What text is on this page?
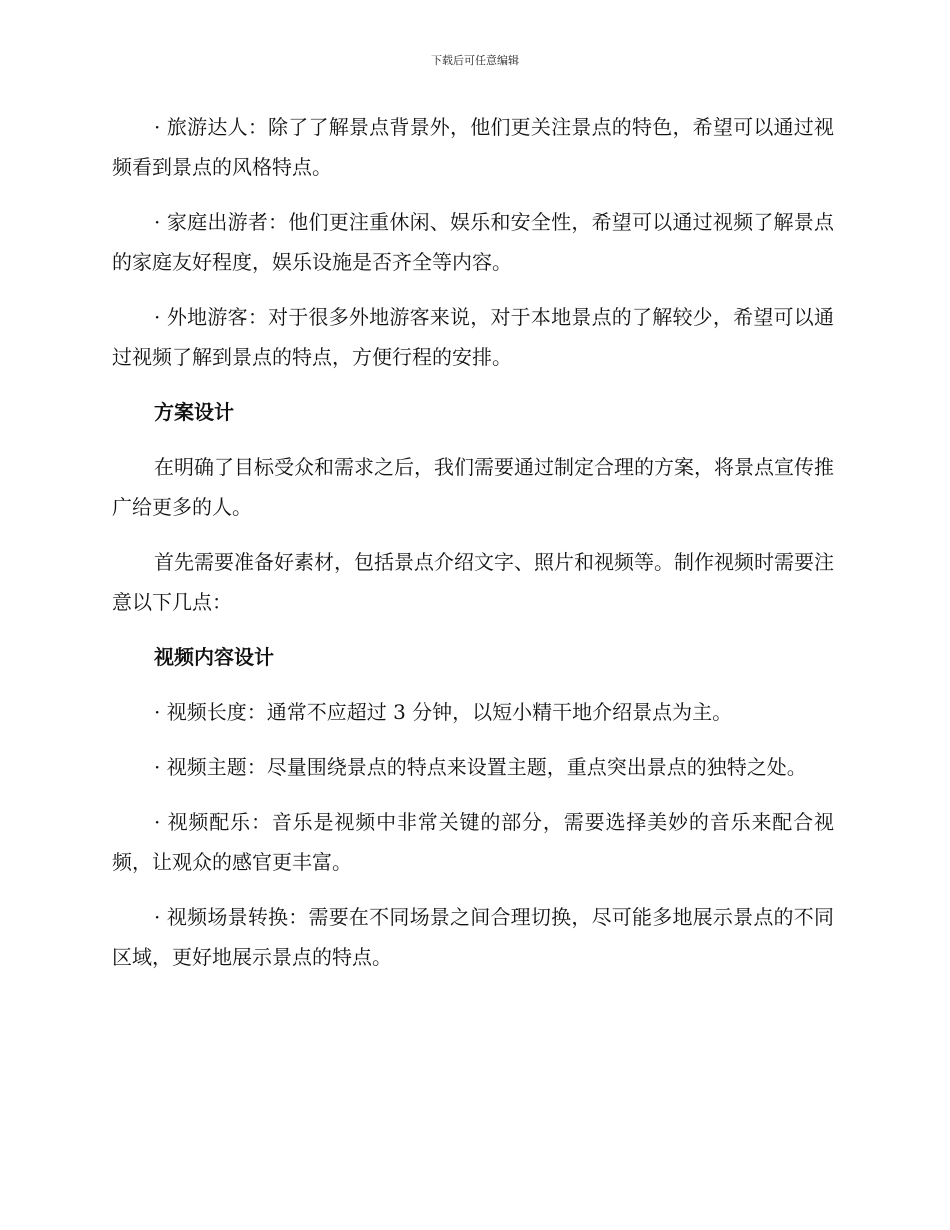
下载后可任意编辑

· 旅游达人：除了了解景点背景外，他们更关注景点的特色，希望可以通过视频看到景点的风格特点。

· 家庭出游者：他们更注重休闲、娱乐和安全性，希望可以通过视频了解景点的家庭友好程度，娱乐设施是否齐全等内容。

· 外地游客：对于很多外地游客来说，对于本地景点的了解较少，希望可以通过视频了解到景点的特点，方便行程的安排。

方案设计

在明确了目标受众和需求之后，我们需要通过制定合理的方案，将景点宣传推广给更多的人。

首先需要准备好素材，包括景点介绍文字、照片和视频等。制作视频时需要注意以下几点：

视频内容设计

· 视频长度：通常不应超过 3 分钟，以短小精干地介绍景点为主。

· 视频主题：尽量围绕景点的特点来设置主题，重点突出景点的独特之处。

· 视频配乐：音乐是视频中非常关键的部分，需要选择美妙的音乐来配合视频，让观众的感官更丰富。

· 视频场景转换：需要在不同场景之间合理切换，尽可能多地展示景点的不同区域，更好地展示景点的特点。
